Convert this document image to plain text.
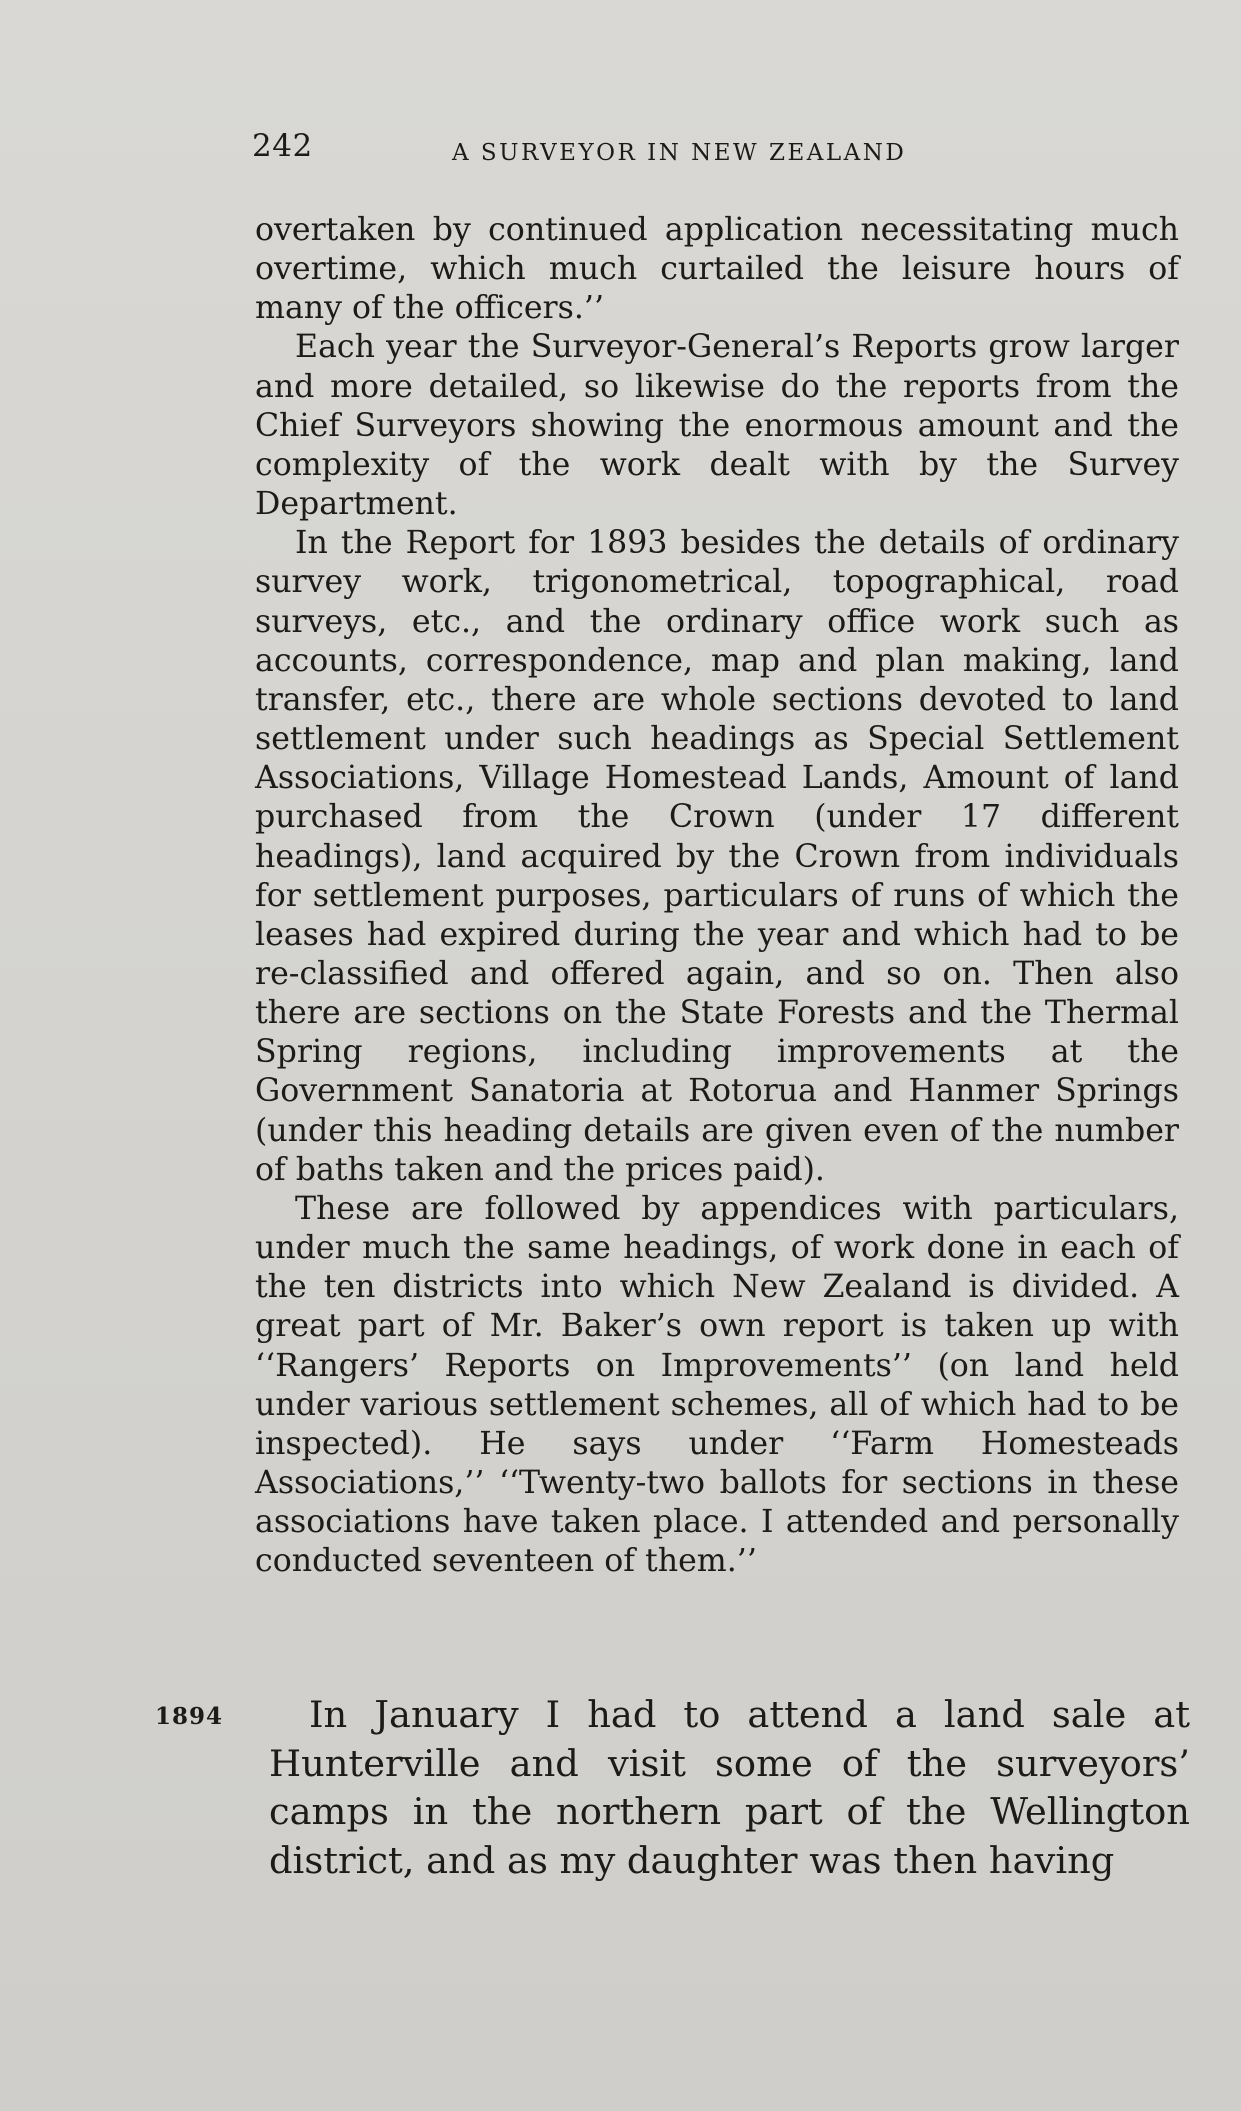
242	A SURVEYOR IN NEW ZEALAND

overtaken by continued application necessitating much overtime, which much curtailed the leisure hours of many of the officers.’’

Each year the Surveyor-General’s Reports grow larger and more detailed, so likewise do the reports from the Chief Surveyors showing the enormous amount and the complexity of the work dealt with by the Survey Department.

In the Report for 1893 besides the details of ordinary survey work, trigonometrical, topographical, road surveys, etc., and the ordinary office work such as accounts, correspondence, map and plan making, land transfer, etc., there are whole sections devoted to land settlement under such headings as Special Settlement Associations, Village Homestead Lands, Amount of land purchased from the Crown (under 17 different headings), land acquired by the Crown from individuals for settlement purposes, particulars of runs of which the leases had expired during the year and which had to be re-classified and offered again, and so on. Then also there are sections on the State Forests and the Thermal Spring regions, including improvements at the Government Sanatoria at Rotorua and Hanmer Springs (under this heading details are given even of the number of baths taken and the prices paid).

These are followed by appendices with particulars, under much the same headings, of work done in each of the ten districts into which New Zealand is divided. A great part of Mr. Baker’s own report is taken up with ‘‘Rangers’ Reports on Improvements’’ (on land held under various settlement schemes, all of which had to be inspected). He says under ‘‘Farm Homesteads Associations,’’ ‘‘Twenty-two ballots for sections in these associations have taken place. I attended and personally conducted seventeen of them.’’

1894	In January I had to attend a land sale at Hunterville and visit some of the surveyors’ camps in the northern part of the Wellington district, and as my daughter was then having
